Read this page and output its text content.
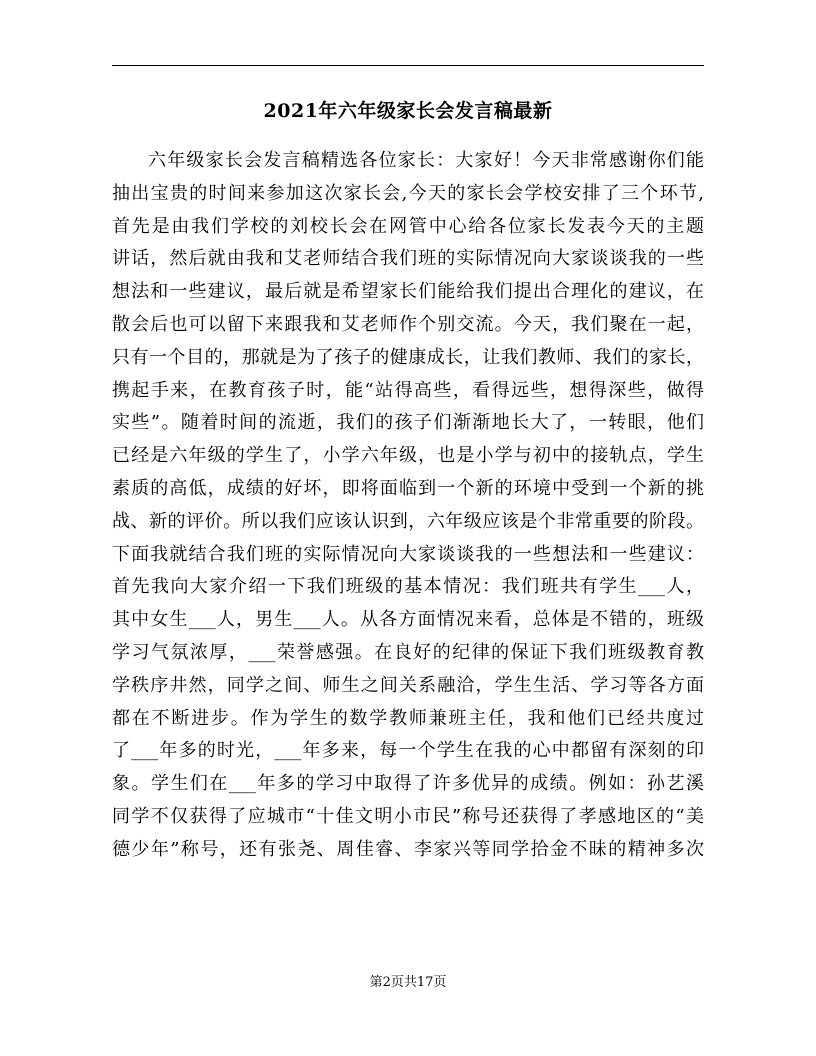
2021年六年级家长会发言稿最新
六年级家长会发言稿精选各位家长：大家好！今天非常感谢你们能
抽出宝贵的时间来参加这次家长会,今天的家长会学校安排了三个环节,
首先是由我们学校的刘校长会在网管中心给各位家长发表今天的主题
讲话，然后就由我和艾老师结合我们班的实际情况向大家谈谈我的一些
想法和一些建议，最后就是希望家长们能给我们提出合理化的建议，在
散会后也可以留下来跟我和艾老师作个别交流。今天，我们聚在一起，
只有一个目的，那就是为了孩子的健康成长，让我们教师、我们的家长，
携起手来，在教育孩子时，能“站得高些，看得远些，想得深些，做得
实些”。随着时间的流逝，我们的孩子们渐渐地长大了，一转眼，他们
已经是六年级的学生了，小学六年级，也是小学与初中的接轨点，学生
素质的高低，成绩的好坏，即将面临到一个新的环境中受到一个新的挑
战、新的评价。所以我们应该认识到，六年级应该是个非常重要的阶段。
下面我就结合我们班的实际情况向大家谈谈我的一些想法和一些建议：
首先我向大家介绍一下我们班级的基本情况：我们班共有学生___人，
其中女生___人，男生___人。从各方面情况来看，总体是不错的，班级
学习气氛浓厚，___荣誉感强。在良好的纪律的保证下我们班级教育教
学秩序井然，同学之间、师生之间关系融洽，学生生活、学习等各方面
都在不断进步。作为学生的数学教师兼班主任，我和他们已经共度过
了___年多的时光，___年多来，每一个学生在我的心中都留有深刻的印
象。学生们在___年多的学习中取得了许多优异的成绩。例如：孙艺溪
同学不仅获得了应城市“十佳文明小市民”称号还获得了孝感地区的“美
德少年”称号，还有张尧、周佳睿、李家兴等同学拾金不昧的精神多次
第2页共17页
